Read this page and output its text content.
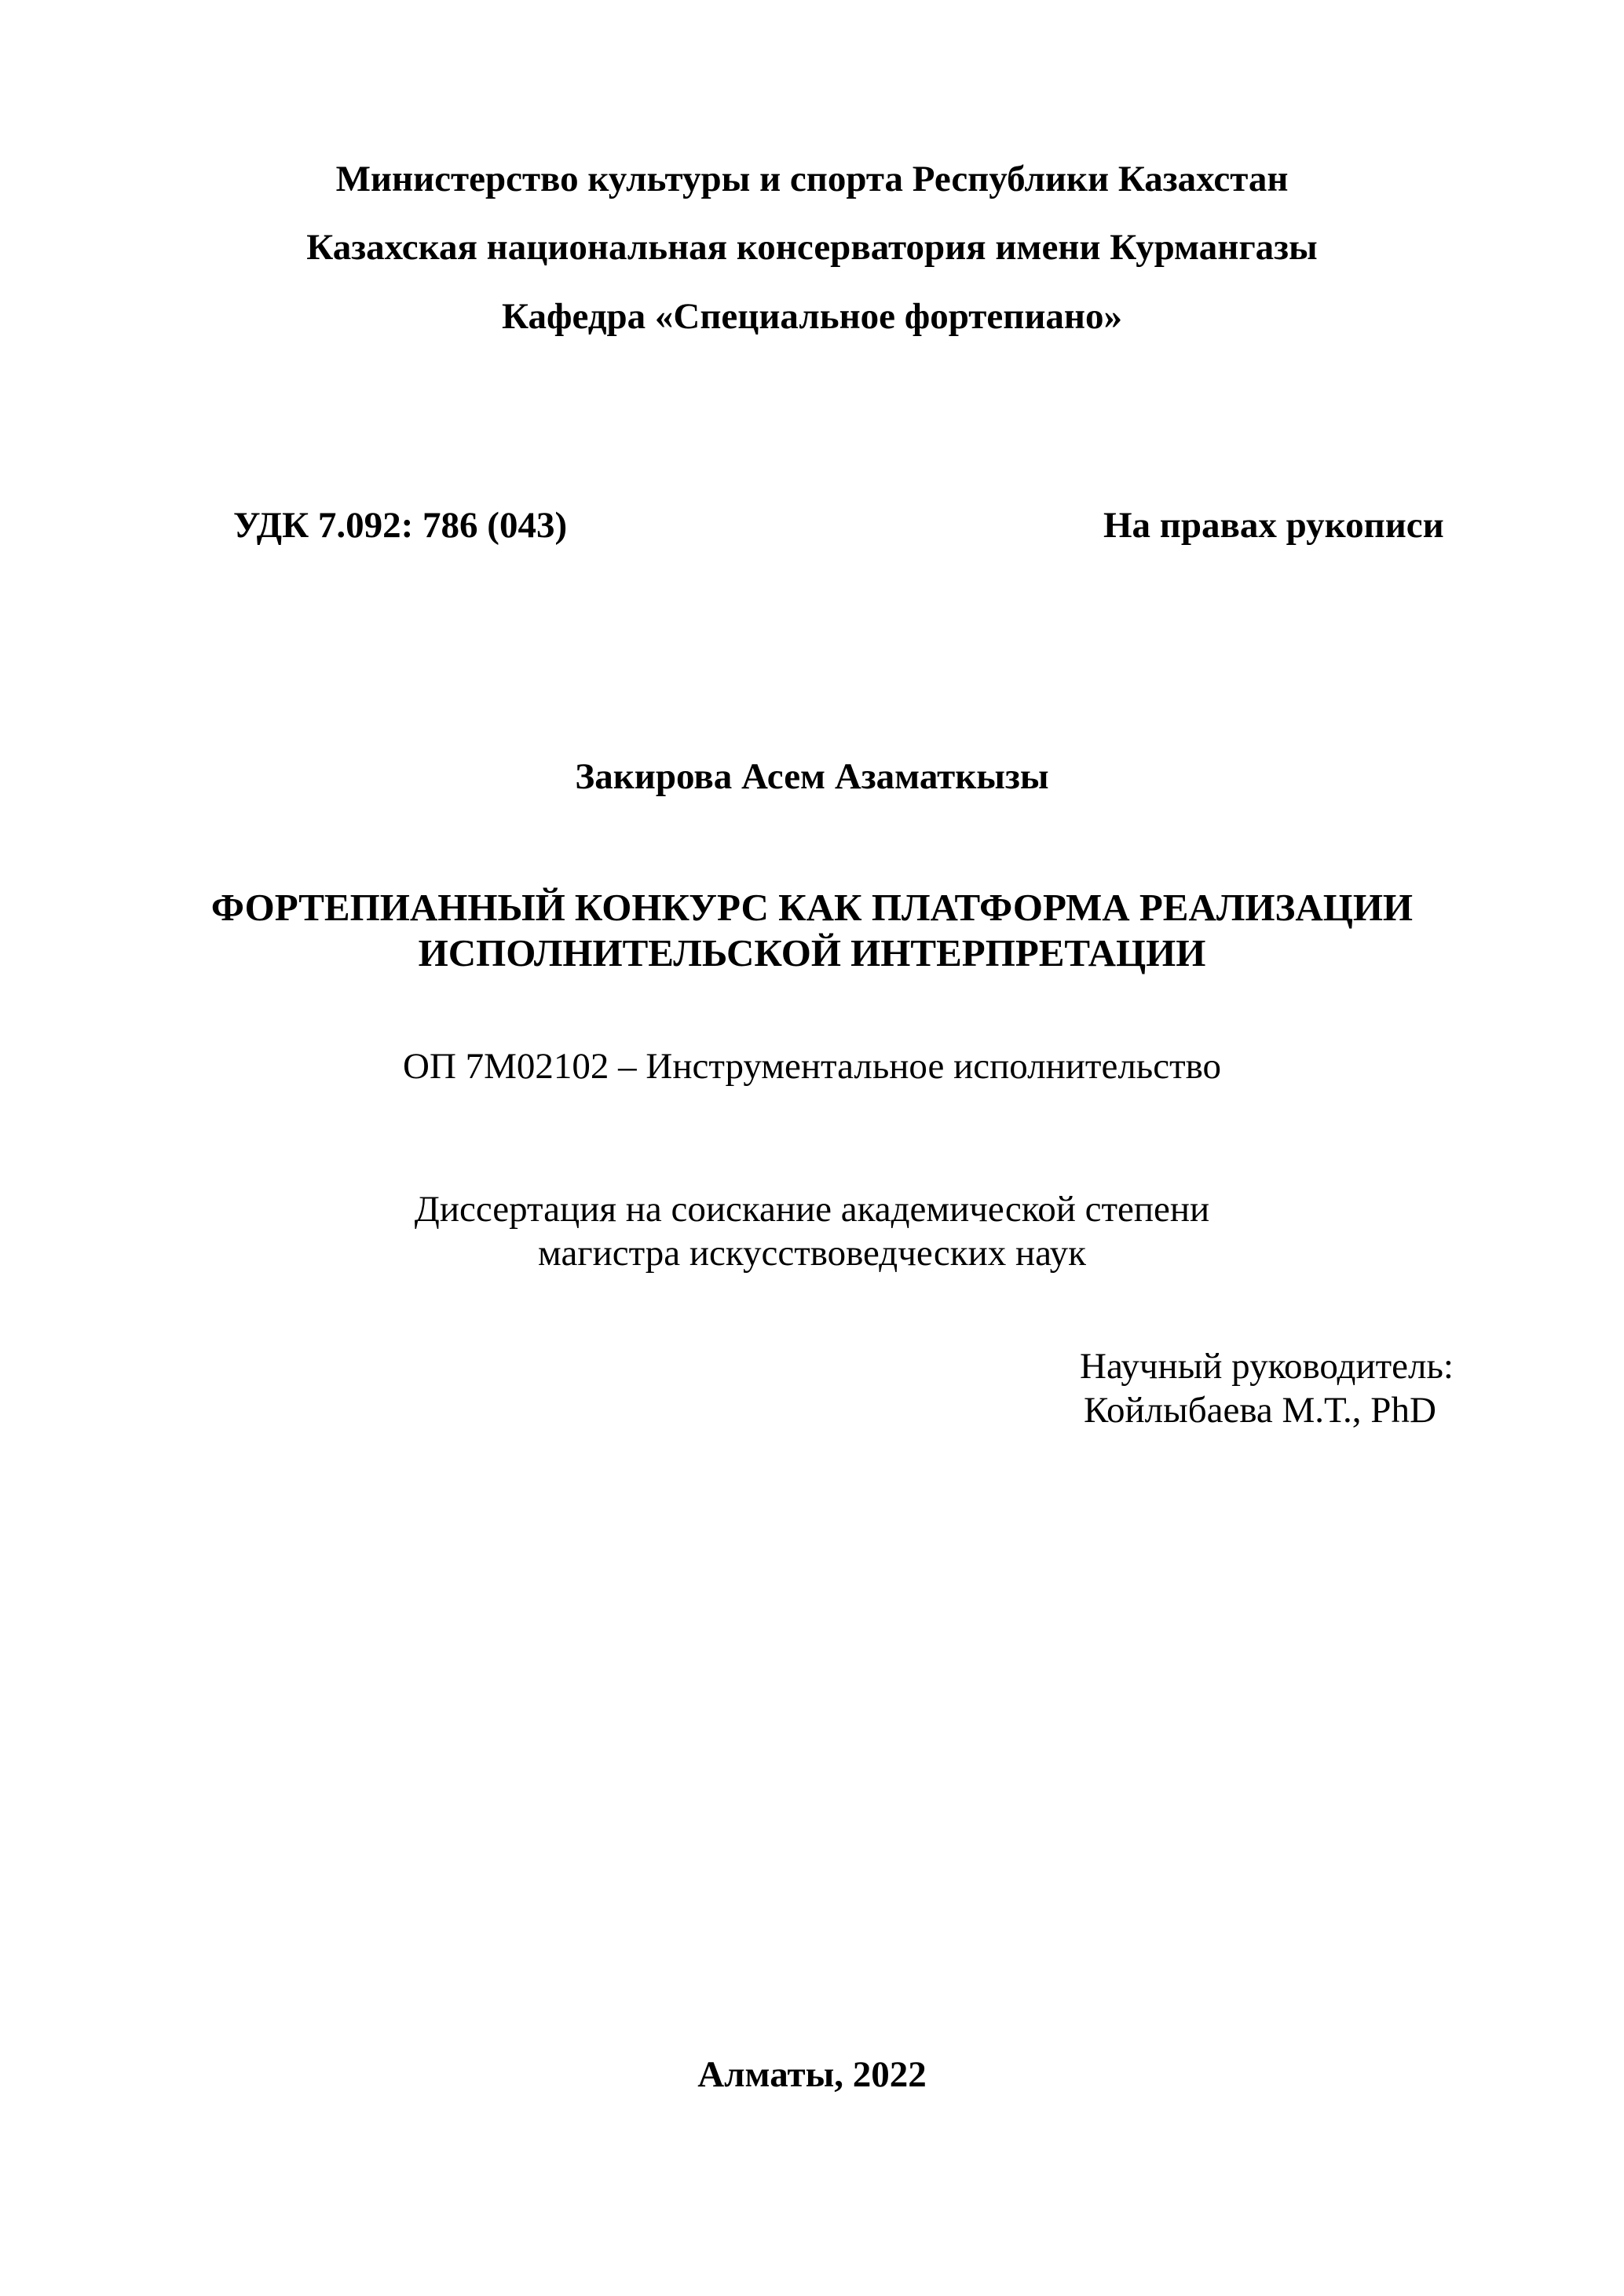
Министерство культуры и спорта Республики Казахстан
Казахская национальная консерватория имени Курмангазы
Кафедра «Специальное фортепиано»
УДК 7.092: 786 (043)	На правах рукописи
Закирова Асем Азаматкызы
ФОРТЕПИАННЫЙ КОНКУРС КАК ПЛАТФОРМА РЕАЛИЗАЦИИ
ИСПОЛНИТЕЛЬСКОЙ ИНТЕРПРЕТАЦИИ
ОП 7М02102 – Инструментальное исполнительство
Диссертация на соискание академической степени
магистра искусствоведческих наук
Научный руководитель:
Койлыбаева М.Т., PhD
Алматы, 2022
